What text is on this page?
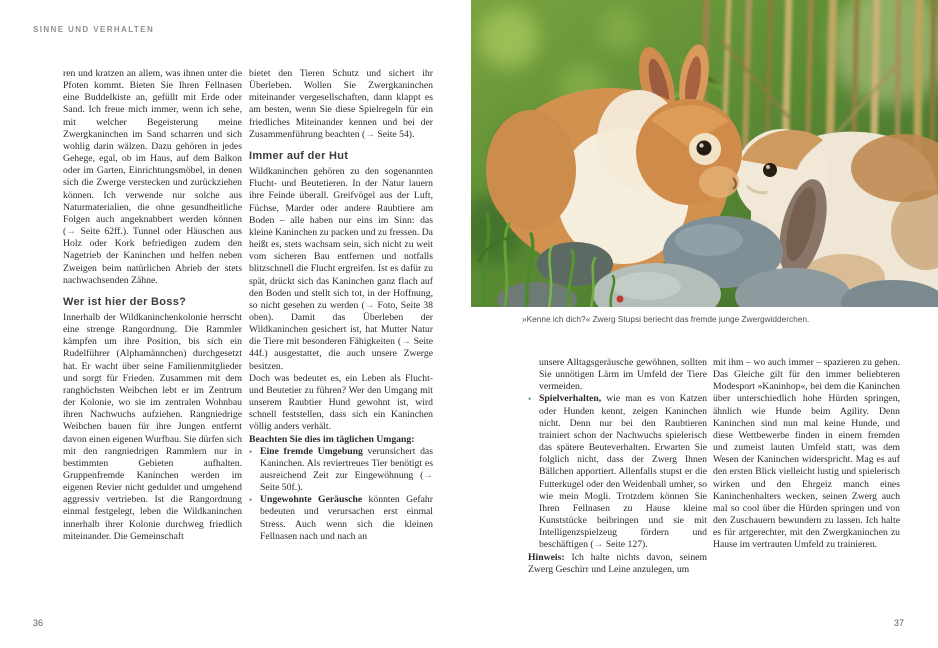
SINNE UND VERHALTEN

ren und kratzen an allem, was ihnen unter die Pfoten kommt. Bieten Sie Ihren Fellnasen eine Buddelkiste an, gefüllt mit Erde oder Sand. Ich freue mich immer, wenn ich sehe, mit welcher Begeisterung meine Zwergkaninchen im Sand scharren und sich wohlig darin wälzen. Dazu gehören in jedes Gehege, egal, ob im Haus, auf dem Balkon oder im Garten, Einrichtungsmöbel, in denen sich die Zwerge verstecken und zurückziehen können. Ich verwende nur solche aus Naturmaterialien, die ohne gesundheitliche Folgen auch angeknabbert werden können (→ Seite 62ff.). Tunnel oder Häuschen aus Holz oder Kork befriedigen zudem den Nagetrieb der Kaninchen und helfen neben Zweigen beim natürlichen Abrieb der stets nachwachsenden Zähne.

Wer ist hier der Boss?

Innerhalb der Wildkaninchenkolonie herrscht eine strenge Rangordnung. Die Rammler kämpfen um ihre Position, bis sich ein Rudelführer (Alphamännchen) durchgesetzt hat. Er wacht über seine Familienmitglieder und sorgt für Frieden. Zusammen mit dem ranghöchsten Weibchen lebt er im Zentrum der Kolonie, wo sie im zentralen Wohnbau ihren Nachwuchs aufziehen. Rangniedrige Weibchen bauen für ihre Jungen entfernt davon einen eigenen Wurfbau. Sie dürfen sich mit den rangniedrigen Rammlern nur in bestimmten Gebieten aufhalten. Gruppenfremde Kaninchen werden im eigenen Revier nicht geduldet und umgehend aggressiv vertrieben. Ist die Rangordnung einmal festgelegt, leben die Wildkaninchen innerhalb ihrer Kolonie durchweg friedlich miteinander. Die Gemeinschaft

bietet den Tieren Schutz und sichert ihr Überleben. Wollen Sie Zwergkaninchen miteinander vergesellschaften, dann klappt es am besten, wenn Sie diese Spielregeln für ein friedliches Miteinander kennen und bei der Zusammenführung beachten (→ Seite 54).

Immer auf der Hut

Wildkaninchen gehören zu den sogenannten Flucht- und Beutetieren. In der Natur lauern ihre Feinde überall. Greifvögel aus der Luft, Füchse, Marder oder andere Raubtiere am Boden – alle haben nur eins im Sinn: das kleine Kaninchen zu packen und zu fressen. Da heißt es, stets wachsam sein, sich nicht zu weit vom sicheren Bau entfernen und notfalls blitzschnell die Flucht ergreifen. Ist es dafür zu spät, drückt sich das Kaninchen ganz flach auf den Boden und stellt sich tot, in der Hoffnung, so nicht gesehen zu werden (→ Foto, Seite 38 oben). Damit das Überleben der Wildkaninchen gesichert ist, hat Mutter Natur die Tiere mit besonderen Fähigkeiten (→ Seite 44f.) ausgestattet, die auch unsere Zwerge besitzen.

Doch was bedeutet es, ein Leben als Flucht- und Beutetier zu führen? Wer den Umgang mit unserem Raubtier Hund gewohnt ist, wird schnell feststellen, dass sich ein Kaninchen völlig anders verhält.

Beachten Sie dies im täglichen Umgang:

• Eine fremde Umgebung verunsichert das Kaninchen. Als reviertreues Tier benötigt es ausreichend Zeit zur Eingewöhnung (→ Seite 50f.).
• Ungewohnte Geräusche könnten Gefahr bedeuten und verursachen erst einmal Stress. Auch wenn sich die kleinen Fellnasen nach und nach an
»Kenne ich dich?« Zwerg Stupsi beriecht das fremde junge Zwergwidderchen.

unsere Alltagsgeräusche gewöhnen, sollten Sie unnötigen Lärm im Umfeld der Tiere vermeiden.

• Spielverhalten, wie man es von Katzen oder Hunden kennt, zeigen Kaninchen nicht. Denn nur bei den Raubtieren trainiert schon der Nachwuchs spielerisch das spätere Beuteverhalten. Erwarten Sie folglich nicht, dass der Zwerg Ihnen Bällchen apportiert. Allenfalls stupst er die Futterkugel oder den Weidenball umher, so wie mein Mogli. Trotzdem können Sie Ihren Fellnasen zu Hause kleine Kunststücke beibringen und sie mit Intelligenzspielzeug fördern und beschäftigen (→ Seite 127).

Hinweis: Ich halte nichts davon, seinem Zwerg Geschirr und Leine anzulegen, um

mit ihm – wo auch immer – spazieren zu gehen. Das Gleiche gilt für den immer beliebteren Modesport »Kaninhop«, bei dem die Kaninchen über unterschiedlich hohe Hürden springen, ähnlich wie Hunde beim Agility. Denn Kaninchen sind nun mal keine Hunde, und diese Wettbewerbe finden in einem fremden und zumeist lauten Umfeld statt, was dem Wesen der Kaninchen widerspricht. Mag es auf den ersten Blick vielleicht lustig und spielerisch wirken und den Ehrgeiz manch eines Kaninchenhalters wecken, seinen Zwerg auch mal so cool über die Hürden springen und von den Zuschauern bewundern zu lassen. Ich halte es für artgerechter, mit den Zwergkaninchen zu Hause im vertrauten Umfeld zu trainieren.

36	37
